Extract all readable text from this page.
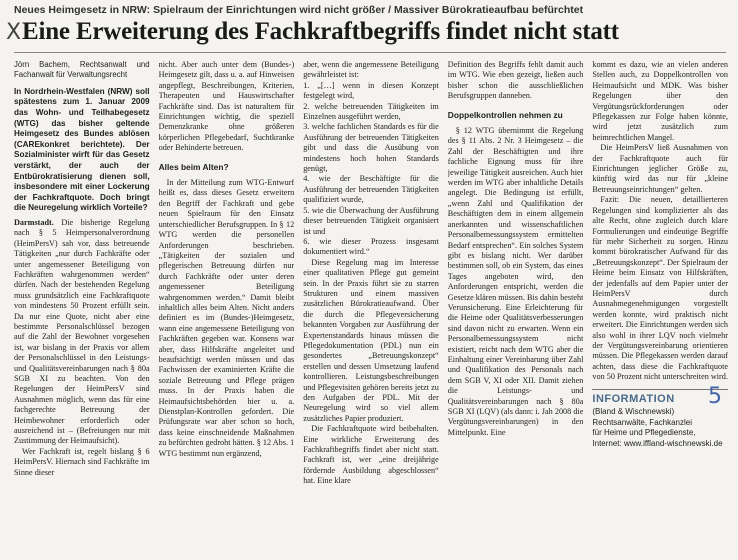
Neues Heimgesetz in NRW: Spielraum der Einrichtungen wird nicht größer / Massiver Bürokratieaufbau befürchtet
Ⅹ Eine Erweiterung des Fachkraftbegriffs findet nicht statt
Jörn Bachem, Rechtsanwalt und Fachanwalt für Verwaltungsrecht
In Nordrhein-Westfalen (NRW) soll spätestens zum 1. Januar 2009 das Wohn- und Teilhabegesetz (WTG) das bisher geltende Heimgesetz des Bundes ablösen (CAREkonkret berichtete). Der Sozialminister wirft für das Gesetz verstärkt, der auch der Entbürokratisierung dienen soll, insbesondere mit einer Lockerung der Fachkraftquote. Doch bringt die Neuregelung wirklich Vorteile?

Darmstadt. Die bisherige Regelung nach § 5 Heimpersonalverordnung (HeimPersV) sah vor, dass betreuende Tätigkeiten „nur durch Fachkräfte oder unter angemessener Beteiligung von Fachkräften wahrgenommen werden“ dürfen. Nach der bestehenden Regelung muss grundsätzlich eine Fachkraftquote von mindestens 50 Prozent erfüllt sein. Da nur eine Quote, nicht aber eine bestimmte Personalschlüssel bezogen auf die Zahl der Bewohner vorgesehen ist, war bislang in der Praxis vor allem der Personalschlüssel in den Leistungs- und Qualitätsvereinbarungen nach § 80a SGB XI zu beachten. Von den Regelungen der HeimPersV sind Ausnahmen möglich, wenn das für eine fachgerechte Betreuung der Heimbewohner erforderlich oder ausreichend ist – (Befreiungen nur mit Zustimmung der Heimaufsicht).

Wer Fachkraft ist, regelt bislang § 6 HeimPersV. Hiernach sind Fachkräfte im Sinne dieser

nicht. Aber auch unter dem (Bundes-) Heimgesetz gilt, dass u. a. auf Hinweisen angepflegt, Beschreibungen, Kriterien, Therapeuten und Hauswirtschafter Fachkräfte sind. Das ist naturaltem für Einrichtungen wichtig, die speziell Demenzkranke ohne größeren körperlichen Pflegebedarf, Suchtkranke oder Behinderte betreuen.

Alles beim Alten?

In der Mitteilung zum WTG-Entwurf heißt es, dass dieses Gesetz erweitern den Begriff der Fachkraft und gebe neuen Spielraum für den Einsatz unterschiedlicher Berufsgruppen. In § 12 WTG werden die personellen Anforderungen beschrieben. „Tätigkeiten der sozialen und pflegerischen Betreuung dürfen nur durch Fachkräfte oder unter deren angemessener Beteiligung wahrgenommen werden.“ Damit bleibt inhaltlich alles beim Alten. Nicht anders definiert es im (Bundes-)Heimgesetz, wann eine angemessene Beteiligung von Fachkräften gegeben war. Konsens war aber, dass Hilfskräfte angeleitet und beaufsichtigt werden müssen und das Fachwissen der examinierten Kräfte die soziale Betreuung und Pflege prägen muss. In der Praxis haben die Heimaufsichtsbehörden hier u. a. Dienstplan-Kontrollen gefordert. Die Prüfungsrate war aber schon so hoch, dass keine einschneidende Maßnahmen zu befürchten gedroht hätten. § 12 Abs. 1 WTG bestimmt nun ergänzend,

aber, wenn die angemessene Beteiligung gewährleistet ist:

1. „[…] wenn in diesen Konzept festgelegt wird,

2. welche betreuenden Tätigkeiten im Einzelnen ausgeführt werden,

3. welche fachlichen Standards es für die Ausführung der betreuenden Tätigkeiten gibt und dass die Ausübung von mindestens hoch hohen Standards genügt,

4. wie der Beschäftigte für die Ausführung der betreuenden Tätigkeiten qualifiziert wurde,

5. wie die Überwachung der Ausführung dieser betreuenden Tätigkeit organisiert ist und

6. wie dieser Prozess insgesamt dokumentiert wird.“

Diese Regelung mag im Interesse einer qualitativen Pflege gut gemeint sein. In der Praxis führt sie zu starren Strukturen und einem massiven zusätzlichen Bürokratieaufwand. Über die durch die Pflegeversicherung bekannten Vorgaben zur Ausführung der Expertenstandards hinaus müssen die Pflegedokumentation (PDL) nun ein gesondertes „Betreuungskonzept“ erstellen und dessen Umsetzung laufend kontrollieren. Leistungsbeschreibungen und Pflegevisiten gehören bereits jetzt zu den Aufgaben der PDL. Mit der Neuregelung wird so viel allem zusätzliches Papier produziert.

Die Fachkraftquote wird beibehalten. Eine wirkliche Erweiterung des Fachkraftbegriffs findet aber nicht statt. Fachkraft ist, wer „eine dreijährige fördernde Ausbildung abgeschlossen“ hat. Eine klare

Definition des Begriffs fehlt damit auch im WTG. Wie eben gezeigt, ließen auch bisher schon die ausschließlichen Berufsgruppen danneben.

Doppelkontrollen nehmen zu

§ 12 WTG übernimmt die Regelung des § 11 Abs. 2 Nr. 3 Heimgesetz – die Zahl der Beschäftigten und ihre fachliche Eignung muss für ihre jeweilige Tätigkeit ausreichen. Auch hier werden im WTG aber inhaltliche Details angelegt. Die Bedingung ist erfüllt, „wenn Zahl und Qualifikation der Beschäftigten dem in einem allgemein anerkannten und wissenschaftlichen Personalbemessungssystem ermittelten Bedarf entsprechen“. Ein solches System gibt es bislang nicht. Wer darüber bestimmen soll, ob ein System, das eines Tages angeboten wird, den Anforderungen entspricht, werden die Gesetze klären müssen. Bis dahin besteht Verunsicherung. Eine Erleichterung für die Heime oder Qualitätsverbesserungen sind davon nicht zu erwarten. Wenn ein Personalbemessungssystem nicht existiert, reicht nach dem WTG aber die Einhaltung einer Vereinbarung über Zahl und Qualifikation des Personals nach dem SGB V, XI oder XII. Damit ziehen die Leistungs- und Qualitätsvereinbarungen nach § 80a SGB XI (LQV) (als dann: i. Jah 2008 die Vergütungsvereinbarungen) in den Mittelpunkt. Eine

kommt es dazu, wie an vielen anderen Stellen auch, zu Doppelkontrollen von Heimaufsicht und MDK. Was bisher Regelungen über den Vergütungsrückforderungen oder Pflegekassen zur Folge haben könnte, wird jetzt zusätzlich zum heimrechtlichen Mangel.

Die HeimPersV ließ Ausnahmen von der Fachkraftquote auch für Einrichtungen jeglicher Größe zu, künftig wird das nur für „kleine Betreuungseinrichtungen“ gelten.

Fazit: Die neuen, detaillierteren Regelungen sind komplizierter als das alte Recht, ohne zugleich durch klare Formulierungen und eindeutige Begriffe für mehr Sicherheit zu sorgen. Hinzu kommt bürokratischer Aufwand für das „Betreuungskonzept“. Der Spielraum der Heime beim Einsatz von Hilfskräften, der jedenfalls auf dem Papier unter der HeimPersV durch Ausnahmegenehmigungen vorgestellt werden konnte, wird praktisch nicht erweitert. Die Einrichtungen werden sich also wohl in ihrer LQV noch vielmehr der Vergütungsvereinbarung orientieren müssen. Die Pflegekassen werden darauf achten, dass diese die Fachkraftquote von 50 Prozent nicht unterschreiten wird.

5
INFORMATION
(Bland & Wischnewski)
Rechtsanwälte, Fachkanzlei
für Heime und Pflegedienste,
Internet: www.iffland-wischnewski.de
